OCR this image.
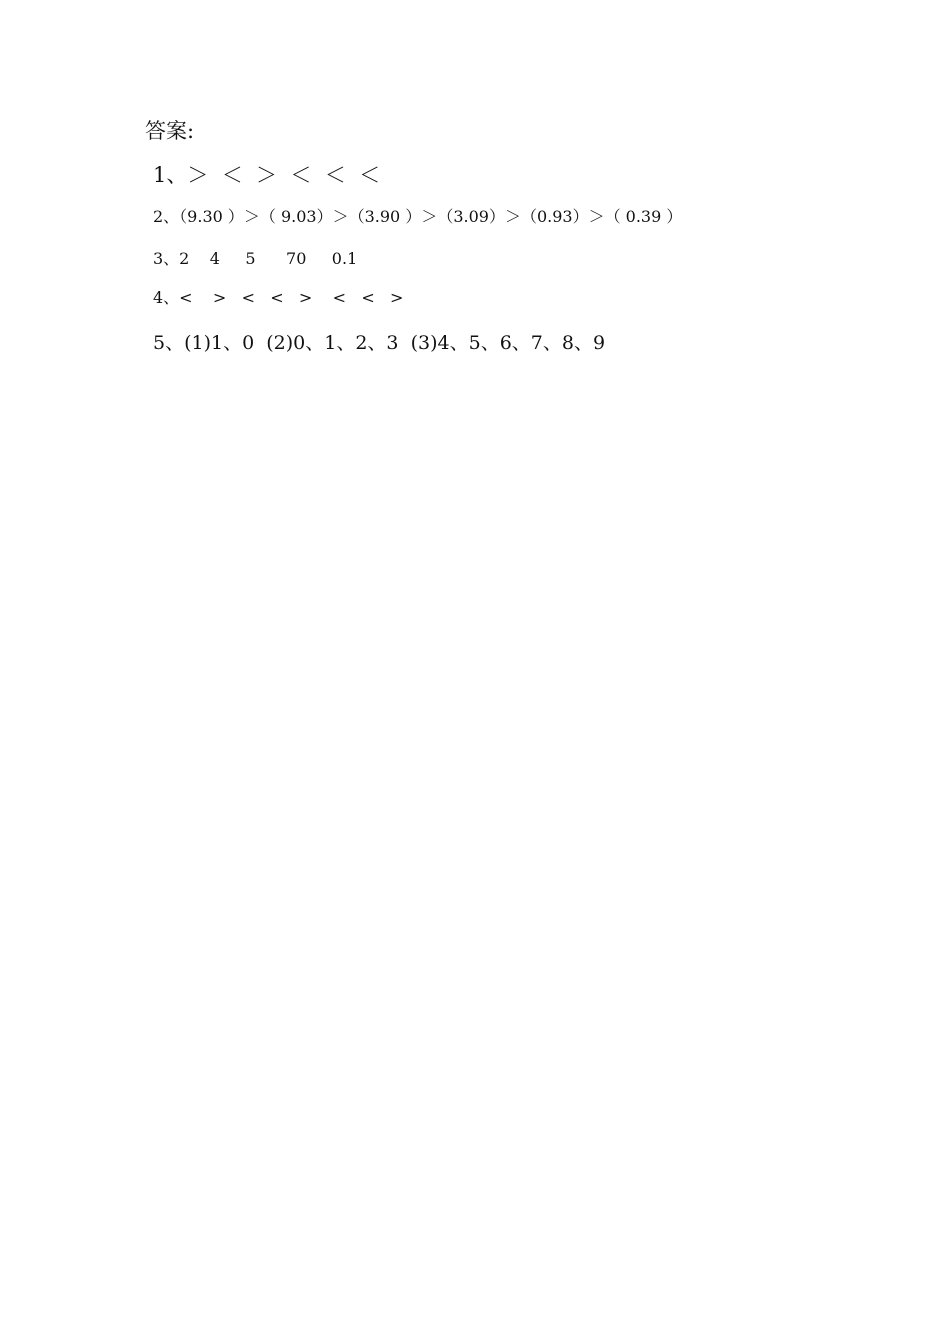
答案:
1、＞  ＜  ＞  ＜  ＜  ＜
2、（9.30 ）＞（ 9.03）＞（3.90 ）＞（3.09）＞（0.93）＞（ 0.39 ）
3、2    4     5      70     0.1
4、<    >   <   <   >    <   <   >
5、(1)1、0  (2)0、1、2、3  (3)4、5、6、7、8、9
